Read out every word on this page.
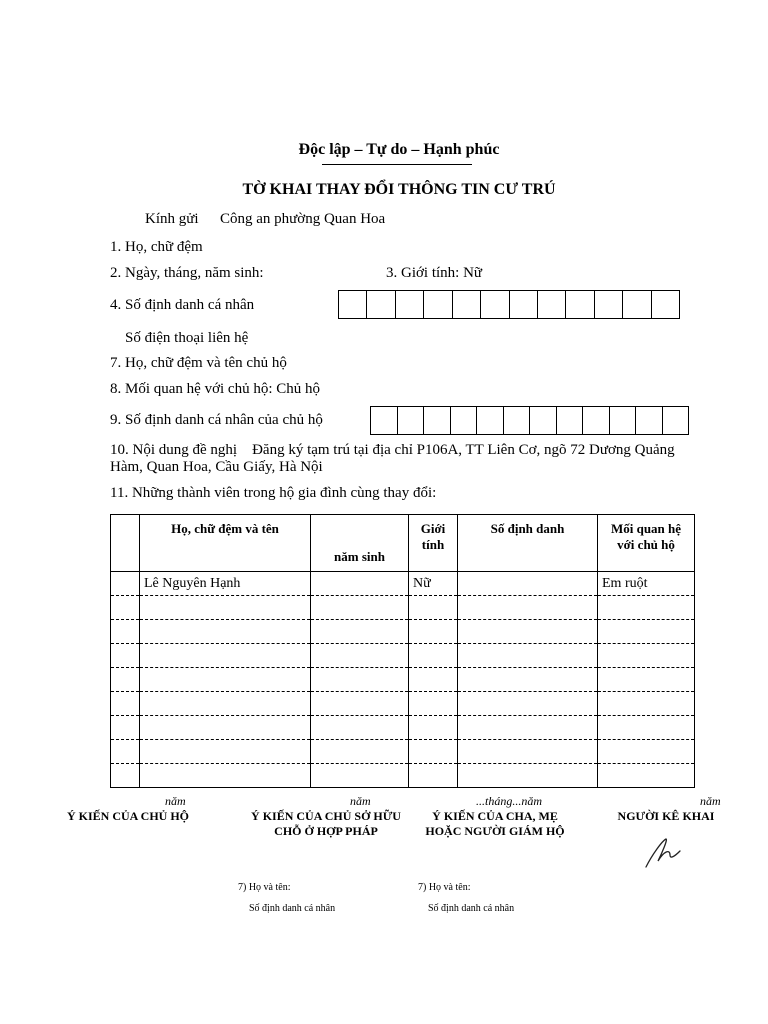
Độc lập – Tự do – Hạnh phúc
TỜ KHAI THAY ĐỔI THÔNG TIN CƯ TRÚ
Kính gửi Công an phường Quan Hoa
1. Họ, chữ đệm
2. Ngày, tháng, năm sinh:	3. Giới tính: Nữ
4. Số định danh cá nhân
Số điện thoại liên hệ
7. Họ, chữ đệm và tên chủ hộ
8. Mối quan hệ với chủ hộ: Chủ hộ
9. Số định danh cá nhân của chủ hộ
10. Nội dung đề nghị Đăng ký tạm trú tại địa chỉ P106A, TT Liên Cơ, ngõ 72 Dương Quảng Hàm, Quan Hoa, Cầu Giấy, Hà Nội
11. Những thành viên trong hộ gia đình cùng thay đổi:
	Họ, chữ đệm và tên	năm sinh	Giới tính	Số định danh	Mối quan hệ với chủ hộ
	Lê Nguyên Hạnh		Nữ		Em ruột

năm
Ý KIẾN CỦA CHỦ HỘ
năm
Ý KIẾN CỦA CHỦ SỞ HỮU
CHỖ Ở HỢP PHÁP
...tháng...năm
Ý KIẾN CỦA CHA, MẸ
HOẶC NGƯỜI GIÁM HỘ
năm
NGƯỜI KÊ KHAI
7) Họ và tên:
Số định danh cá nhân
7) Họ và tên:
Số định danh cá nhân
